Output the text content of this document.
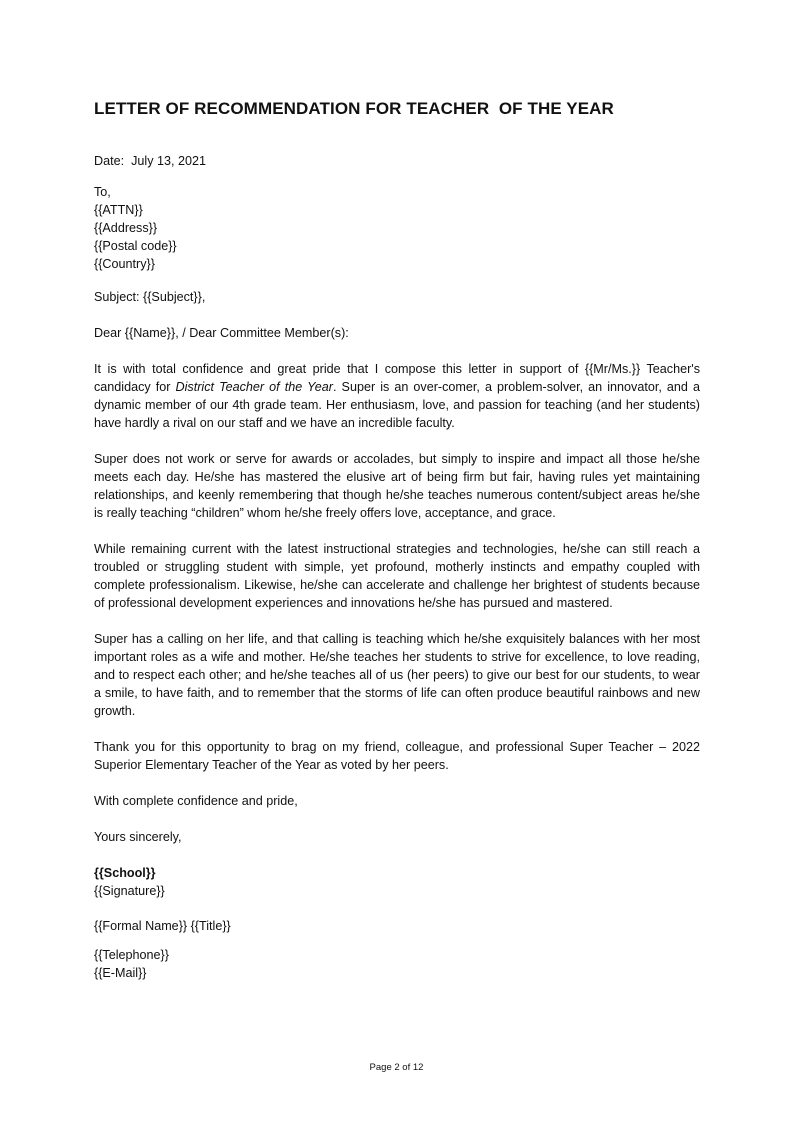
LETTER OF RECOMMENDATION FOR TEACHER  OF THE YEAR
Date:  July 13, 2021
To,
{{ATTN}}
{{Address}}
{{Postal code}}
{{Country}}
Subject: {{Subject}},
Dear {{Name}}, / Dear Committee Member(s):

It is with total confidence and great pride that I compose this letter in support of {{Mr/Ms.}} Teacher's candidacy for District Teacher of the Year. Super is an over-comer, a problem-solver, an innovator, and a dynamic member of our 4th grade team. Her enthusiasm, love, and passion for teaching (and her students) have hardly a rival on our staff and we have an incredible faculty.

Super does not work or serve for awards or accolades, but simply to inspire and impact all those he/she meets each day. He/she has mastered the elusive art of being firm but fair, having rules yet maintaining relationships, and keenly remembering that though he/she teaches numerous content/subject areas he/she is really teaching “children” whom he/she freely offers love, acceptance, and grace.

While remaining current with the latest instructional strategies and technologies, he/she can still reach a troubled or struggling student with simple, yet profound, motherly instincts and empathy coupled with complete professionalism. Likewise, he/she can accelerate and challenge her brightest of students because of professional development experiences and innovations he/she has pursued and mastered.

Super has a calling on her life, and that calling is teaching which he/she exquisitely balances with her most important roles as a wife and mother. He/she teaches her students to strive for excellence, to love reading, and to respect each other; and he/she teaches all of us (her peers) to give our best for our students, to wear a smile, to have faith, and to remember that the storms of life can often produce beautiful rainbows and new growth.

Thank you for this opportunity to brag on my friend, colleague, and professional Super Teacher – 2022 Superior Elementary Teacher of the Year as voted by her peers.

With complete confidence and pride,
Yours sincerely,
{{School}}
{{Signature}}
{{Formal Name}} {{Title}}
{{Telephone}}
{{E-Mail}}
Page 2 of 12
